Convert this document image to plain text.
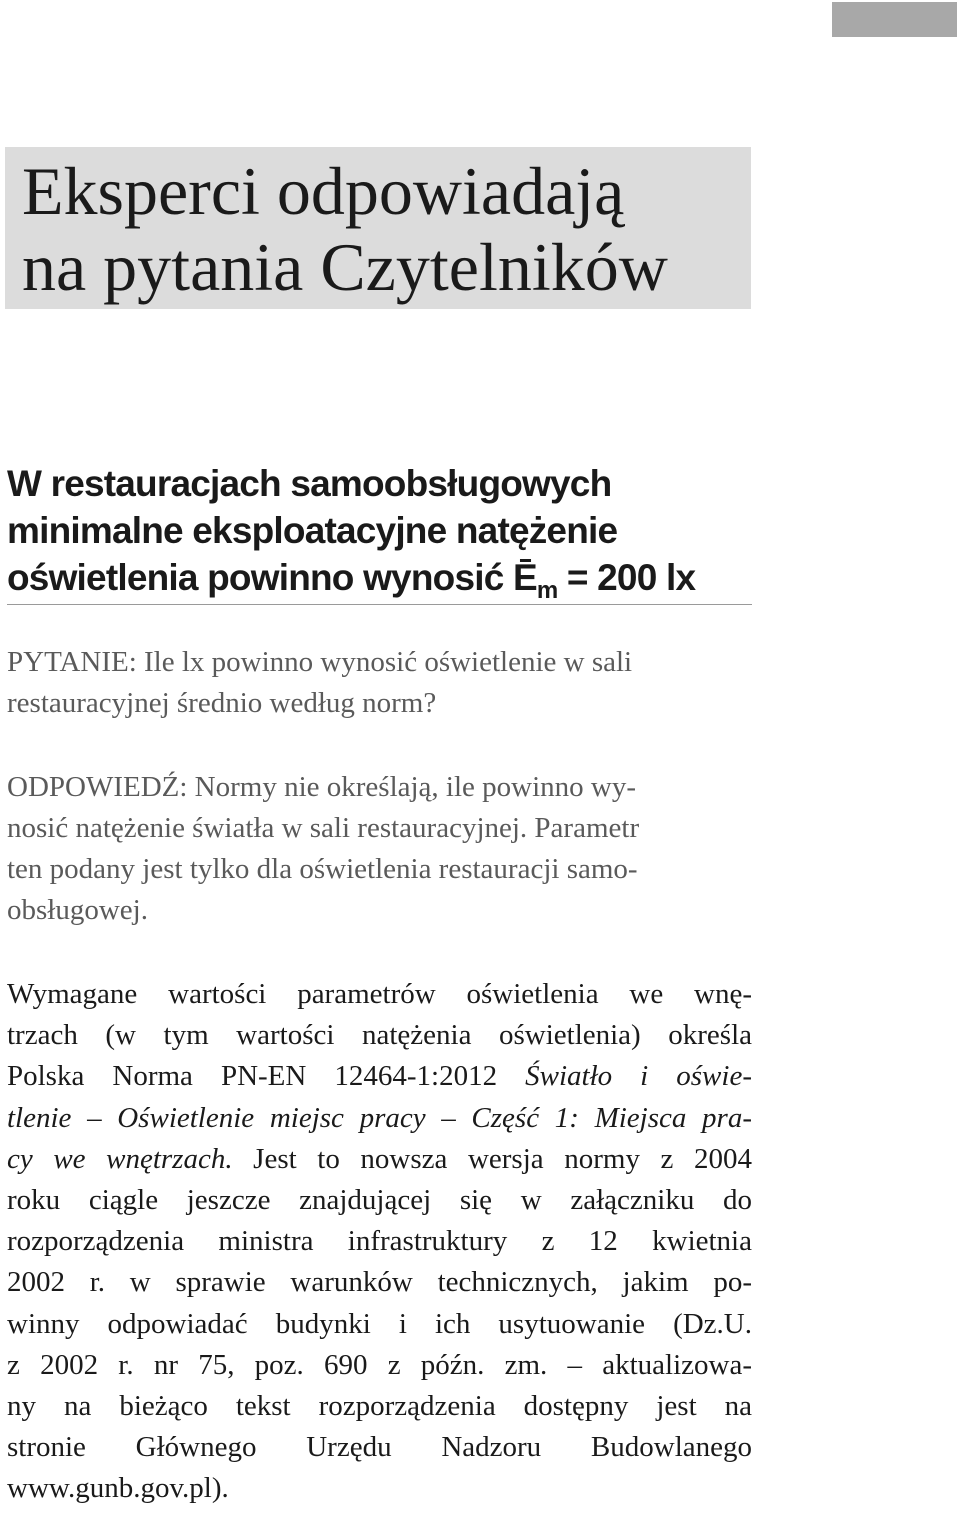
Eksperci odpowiadają
na pytania Czytelników
W restauracjach samoobsługowych
minimalne eksploatacyjne natężenie
oświetlenia powinno wynosić $Ē_m = 200$ lx
PYTANIE: Ile lx powinno wynosić oświetlenie w sali
restauracyjnej średnio według norm?
ODPOWIEDŹ: Normy nie określają, ile powinno wy-
nosić natężenie światła w sali restauracyjnej. Parametr
ten podany jest tylko dla oświetlenia restauracji samo-
obsługowej.
Wymagane wartości parametrów oświetlenia we wnę-
trzach (w tym wartości natężenia oświetlenia) określa
Polska Norma PN-EN 12464-1:2012 Światło i oświe-
tlenie – Oświetlenie miejsc pracy – Część 1: Miejsca pra-
cy we wnętrzach. Jest to nowsza wersja normy z 2004
roku ciągle jeszcze znajdującej się w załączniku do
rozporządzenia ministra infrastruktury z 12 kwietnia
2002 r. w sprawie warunków technicznych, jakim po-
winny odpowiadać budynki i ich usytuowanie (Dz.U.
z 2002 r. nr 75, poz. 690 z późn. zm. – aktualizowa-
ny na bieżąco tekst rozporządzenia dostępny jest na
stronie Głównego Urzędu Nadzoru Budowlanego
www.gunb.gov.pl).
